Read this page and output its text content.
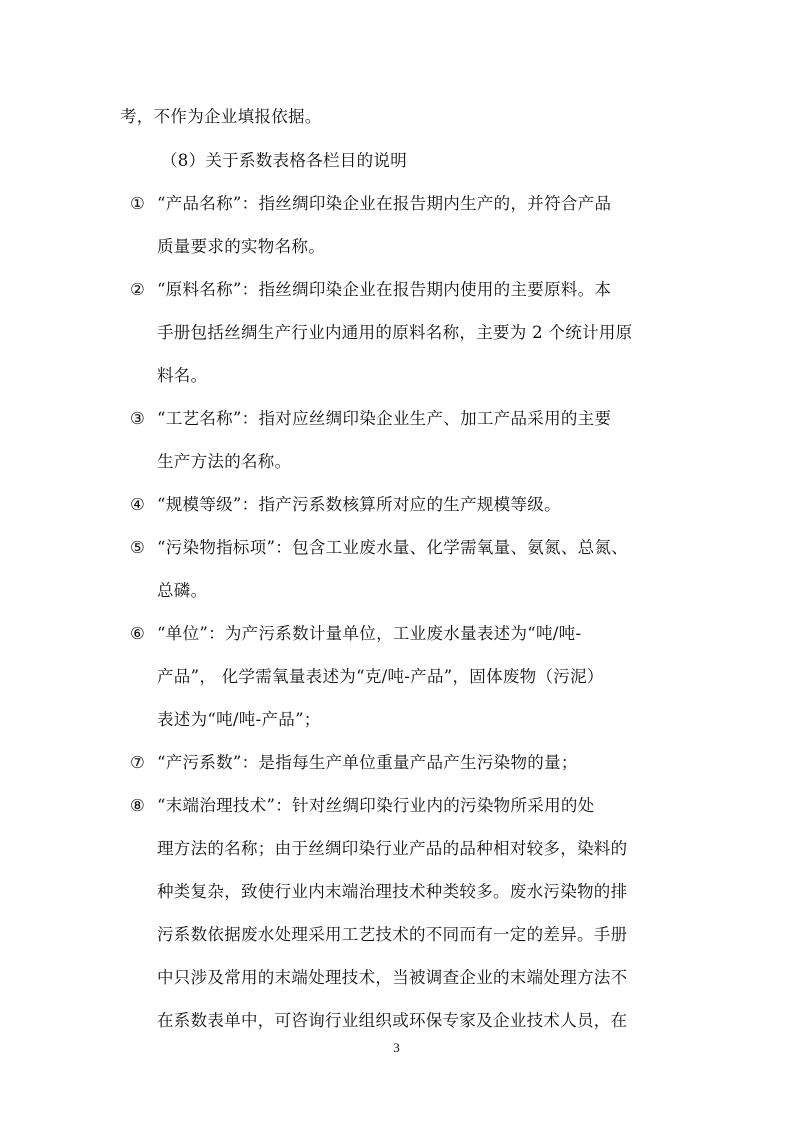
考，不作为企业填报依据。
（8）关于系数表格各栏目的说明
① “产品名称”：指丝绸印染企业在报告期内生产的，并符合产品
质量要求的实物名称。
② “原料名称”：指丝绸印染企业在报告期内使用的主要原料。本
手册包括丝绸生产行业内通用的原料名称，主要为 2 个统计用原
料名。
③ “工艺名称”：指对应丝绸印染企业生产、加工产品采用的主要
生产方法的名称。
④ “规模等级”：指产污系数核算所对应的生产规模等级。
⑤ “污染物指标项”：包含工业废水量、化学需氧量、氨氮、总氮、
总磷。
⑥ “单位”：为产污系数计量单位，工业废水量表述为“吨/吨-
产品”， 化学需氧量表述为“克/吨-产品”，固体废物（污泥）
表述为“吨/吨-产品”；
⑦ “产污系数”：是指每生产单位重量产品产生污染物的量；
⑧ “末端治理技术”：针对丝绸印染行业内的污染物所采用的处
理方法的名称；由于丝绸印染行业产品的品种相对较多，染料的
种类复杂，致使行业内末端治理技术种类较多。废水污染物的排
污系数依据废水处理采用工艺技术的不同而有一定的差异。手册
中只涉及常用的末端处理技术，当被调查企业的末端处理方法不
在系数表单中，可咨询行业组织或环保专家及企业技术人员，在
3
